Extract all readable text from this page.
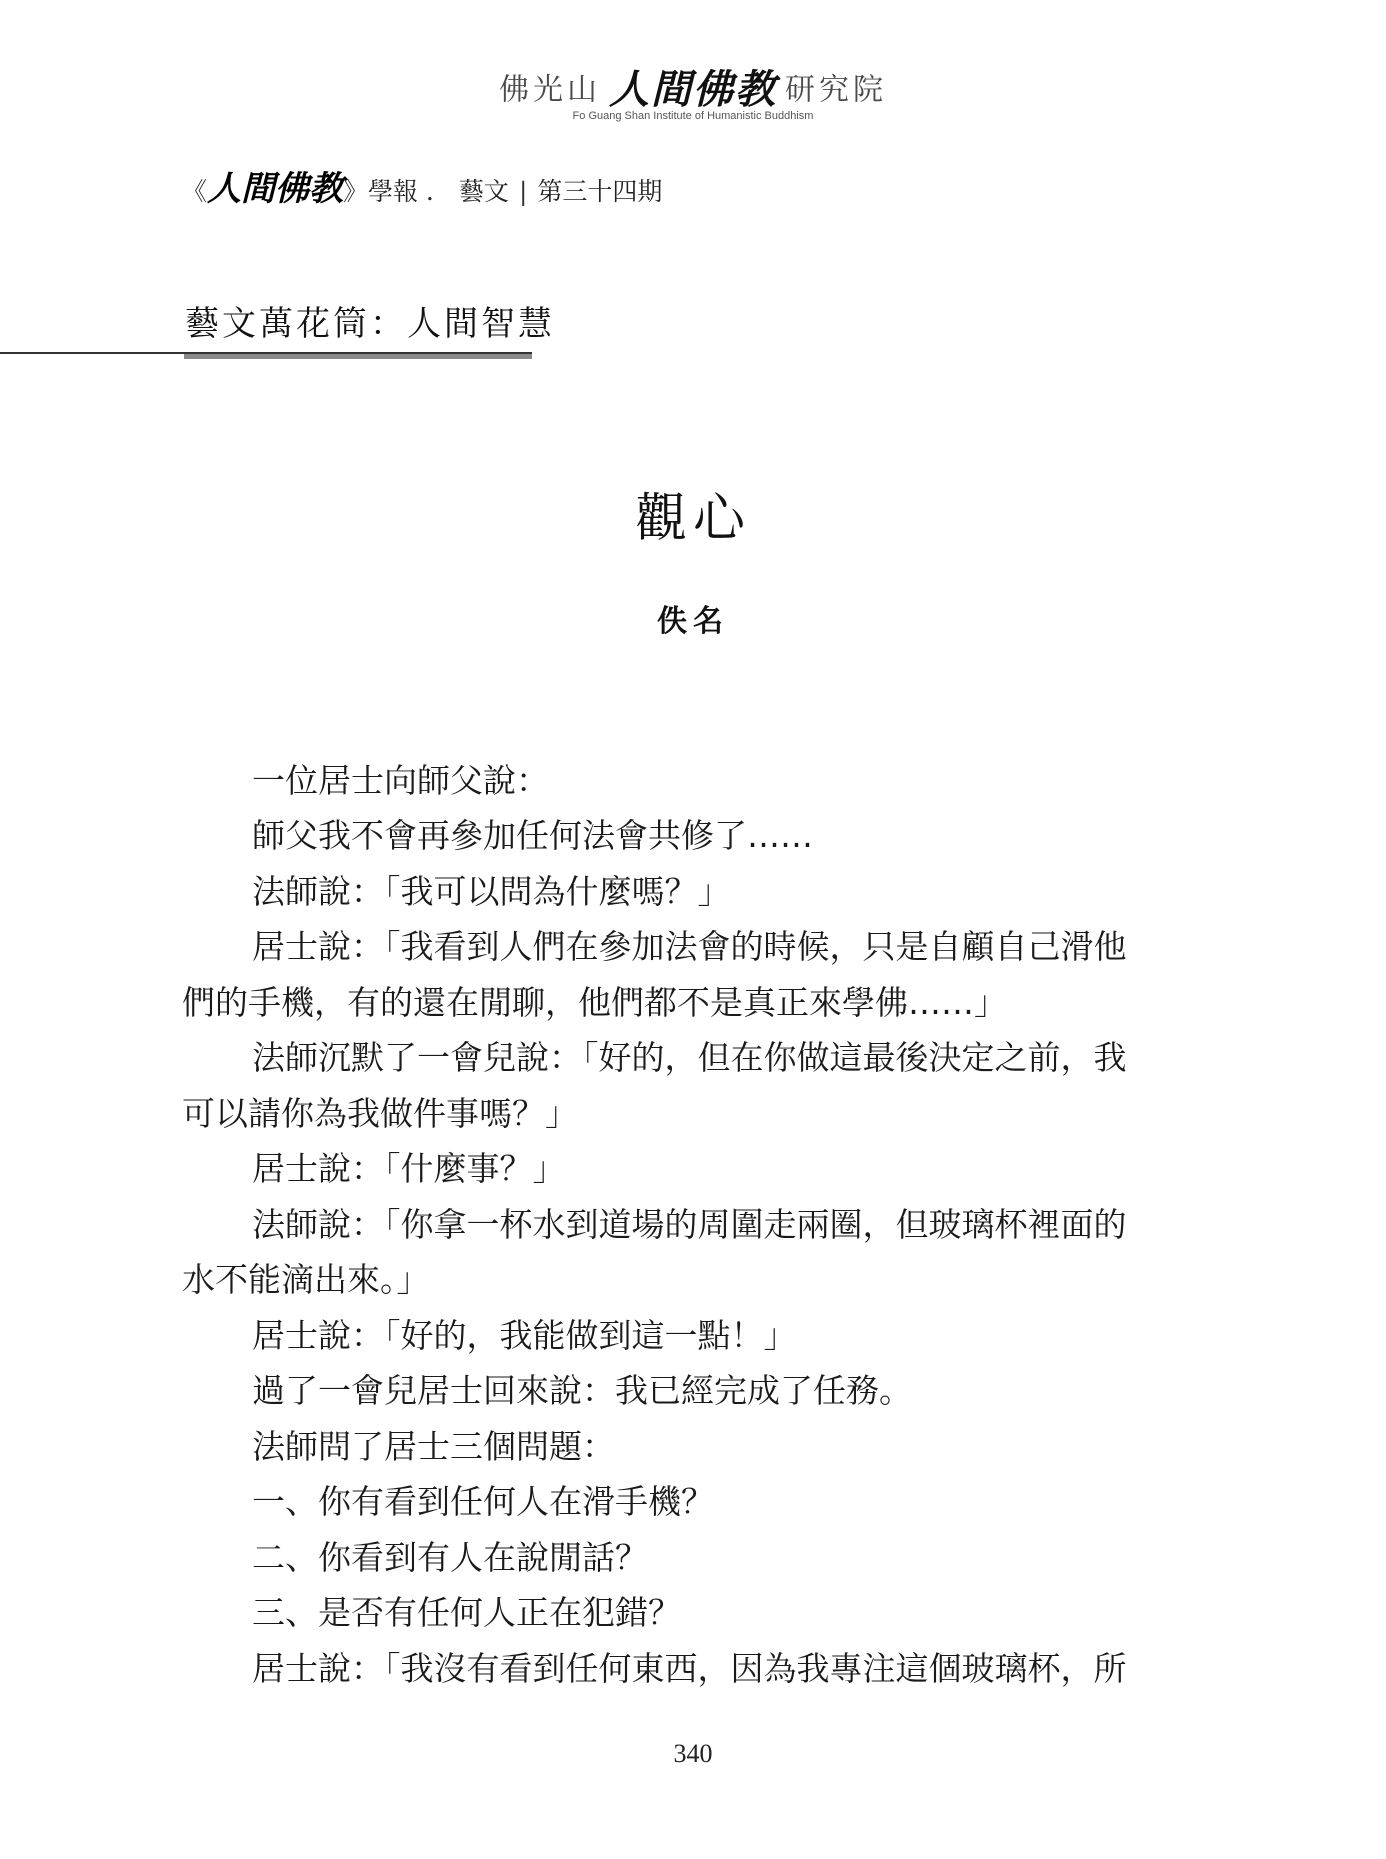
佛光山 人間佛教 研究院
Fo Guang Shan Institute of Humanistic Buddhism
《人間佛教》學報 ． 藝文 | 第三十四期
藝文萬花筒：人間智慧
觀心
佚名

一位居士向師父說：

師父我不會再參加任何法會共修了……

法師說：「我可以問為什麼嗎？」

居士說：「我看到人們在參加法會的時候，只是自顧自己滑他

們的手機，有的還在閒聊，他們都不是真正來學佛……」

法師沉默了一會兒說：「好的，但在你做這最後決定之前，我

可以請你為我做件事嗎？」

居士說：「什麼事？」

法師說：「你拿一杯水到道場的周圍走兩圈，但玻璃杯裡面的

水不能滴出來。」

居士說：「好的，我能做到這一點！」

過了一會兒居士回來說：我已經完成了任務。

法師問了居士三個問題：

一、你有看到任何人在滑手機？

二、你看到有人在說閒話？

三、是否有任何人正在犯錯？

居士說：「我沒有看到任何東西，因為我專注這個玻璃杯，所

340
